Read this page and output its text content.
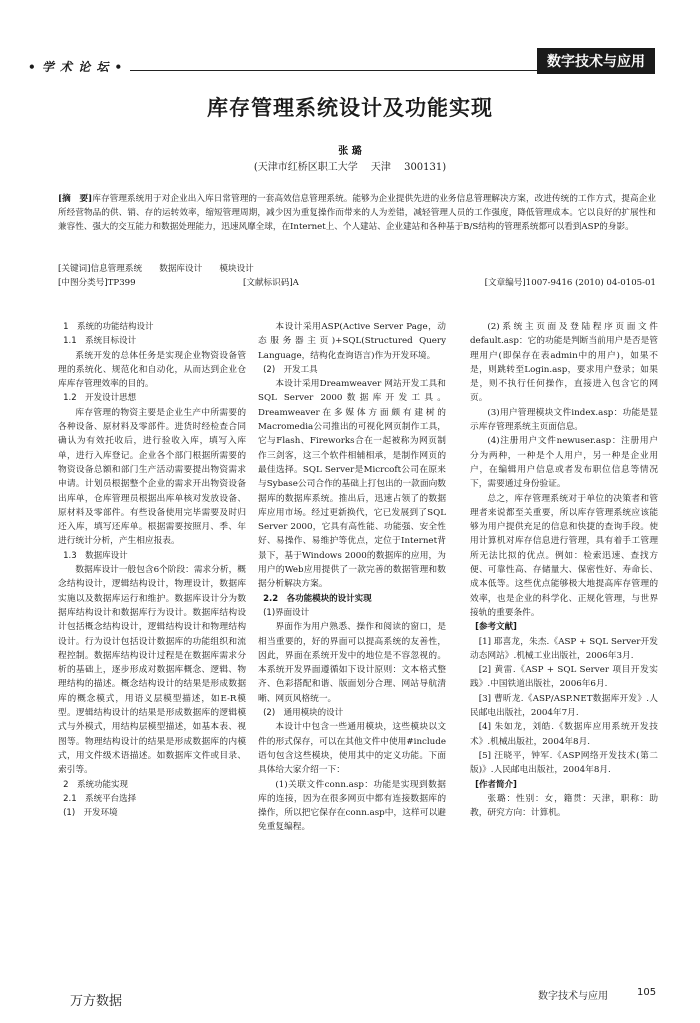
• 学 术 论 坛 •	数字技术与应用
库存管理系统设计及功能实现
张 璐
(天津市红桥区职工大学　 天津　 300131)
[摘　要]库存管理系统用于对企业出入库日常管理的一套高效信息管理系统。能够为企业提供先进的业务信息管理解决方案，改进传统的工作方式，提高企业所经营物品的供、销、存的运转效率，缩短管理周期，减少因为重复操作而带来的人为差错，减轻管理人员的工作强度，降低管理成本。它以良好的扩展性和兼容性、强大的交互能力和数据处理能力，迅速风靡全球，在Internet上、个人建站、企业建站和各种基于B/S结构的管理系统都可以看到ASP的身影。
[关键词]信息管理系统　　数据库设计　　模块设计
[中图分类号]TP399	[文献标识码]A	[文章编号]1007-9416 (2010) 04-0105-01

1　系统的功能结构设计

1.1　系统目标设计

系统开发的总体任务是实现企业物资设备管理的系统化、规范化和自动化，从而达到企业仓库库存管理效率的目的。

1.2　开发设计思想

库存管理的物资主要是企业生产中所需要的各种设备、原材料及零部件。进货时经检查合同确认为有效托收后，进行验收入库，填写入库单，进行入库登记。企业各个部门根据所需要的物资设备总额和部门生产活动需要提出物资需求申请。计划员根据整个企业的需求开出物资设备出库单，仓库管理员根据出库单核对发放设备、原材料及零部件。有些设备使用完毕需要及时归还入库，填写还库单。根据需要按照月、季、年进行统计分析，产生相应报表。

1.3　数据库设计

数据库设计一般包含6个阶段：需求分析，概念结构设计，逻辑结构设计，物理设计，数据库实施以及数据库运行和维护。数据库设计分为数据库结构设计和数据库行为设计。数据库结构设计包括概念结构设计，逻辑结构设计和物理结构设计。行为设计包括设计数据库的功能组织和流程控制。数据库结构设计过程是在数据库需求分析的基础上，逐步形成对数据库概念、逻辑、物理结构的描述。概念结构设计的结果是形成数据库的概念模式，用语义层模型描述，如E-R模型。逻辑结构设计的结果是形成数据库的逻辑模式与外模式，用结构层模型描述，如基本表、视图等。物理结构设计的结果是形成数据库的内模式，用文件级术语描述。如数据库文件或目录、索引等。

2　系统功能实现

2.1　系统平台选择

(1)　开发环境

本设计采用ASP(Active Server Page，动态服务器主页)+SQL(Structured Query Language，结构化查询语言)作为开发环境。

(2)　开发工具

本设计采用Dreamweaver 网站开发工具和SQL Server 2000数据库开发工具。Dreamweaver在多媒体方面颇有建树的Macromedia公司推出的可视化网页制作工具，它与Flash、Fireworks合在一起被称为网页制作三剑客，这三个软件相辅相承，是制作网页的最佳选择。SQL Server是Micrcoft公司在原来与Sybase公司合作的基础上打包出的一款面向数据库的数据库系统。推出后，迅速占领了的数据库应用市场。经过更新换代，它已发展到了SQL Server 2000，它具有高性能、功能强、安全性好、易操作、易维护等优点，定位于Internet背景下，基于Windows 2000的数据库的应用，为用户的Web应用提供了一款完善的数据管理和数据分析解决方案。

2.2　各功能模块的设计实现

(1)界面设计

界面作为用户熟悉、操作和阅读的窗口，是相当重要的，好的界面可以提高系统的友善性，因此，界面在系统开发中的地位是不容忽视的。本系统开发界面遵循如下设计原则：文本格式整齐、色彩搭配和谐、版面划分合理、网站导航清晰、网页风格统一。

(2)　通用模块的设计

本设计中包含一些通用模块，这些模块以文件的形式保存，可以在其他文件中使用#include语句包含这些模块，使用其中的定义功能。下面具体给大家介绍一下：

(1)关联文件conn.asp：功能是实现到数据库的连接，因为在很多网页中都有连接数据库的操作，所以把它保存在conn.asp中，这样可以避免重复编程。

(2)系统主页面及登陆程序页面文件default.asp：它的功能是判断当前用户是否是管理用户(即保存在表admin中的用户)，如果不是，则跳转至Login.asp，要求用户登录；如果是，则不执行任何操作，直接进入包含它的网页。

(3)用户管理模块文件index.asp：功能是显示库存管理系统主页面信息。

(4)注册用户文件newuser.asp：注册用户分为两种，一种是个人用户，另一种是企业用户，在编辑用户信息或者发布职位信息等情况下，需要通过身份验证。

总之，库存管理系统对于单位的决策者和管理者来说都至关重要，所以库存管理系统应该能够为用户提供充足的信息和快捷的查询手段。使用计算机对库存信息进行管理，具有着手工管理所无法比拟的优点。例如：检索迅速、查找方便、可靠性高、存储量大、保密性好、寿命长、成本低等。这些优点能够极大地提高库存管理的效率，也是企业的科学化、正规化管理，与世界接轨的重要条件。

[参考文献]

[1] 耶喜龙，朱杰.《ASP + SQL Server开发动态网站》.机械工业出版社，2006年3月.

[2] 黄雷.《ASP + SQL Server 项目开发实践》.中国铁道出版社，2006年6月.

[3] 曹昕龙.《ASP/ASP.NET数据库开发》.人民邮电出版社，2004年7月.

[4] 朱如龙，刘皓.《数据库应用系统开发技术》.机械出版社，2004年8月.

[5] 汪晓平，钟军.《ASP网络开发技术(第二版)》.人民邮电出版社，2004年8月.

[作者简介]

张璐：性别：女，籍贯：天津，职称：助教，研究方向：计算机。

万方数据	数字技术与应用	105
